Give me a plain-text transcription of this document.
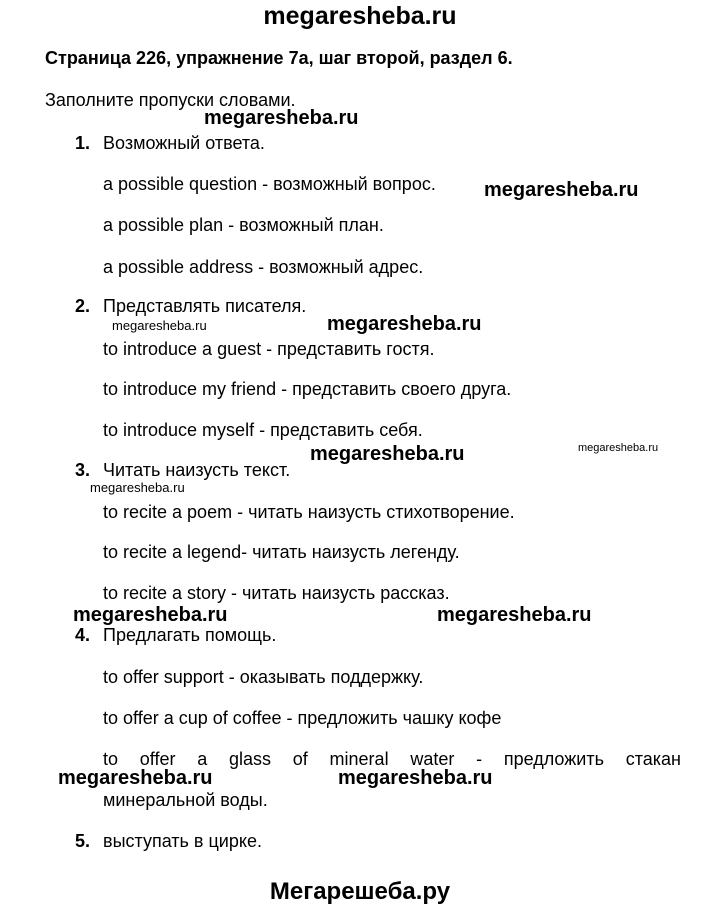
megaresheba.ru
Страница 226, упражнение 7a, шаг второй, раздел 6.
Заполните пропуски словами.
1. Возможный ответа.
a possible question - возможный вопрос.
a possible plan - возможный план.
a possible address - возможный адрес.
2. Представлять писателя.
to introduce a guest - представить гостя.
to introduce my friend - представить своего друга.
to introduce myself - представить себя.
3. Читать наизусть текст.
to recite a poem - читать наизусть стихотворение.
to recite a legend- читать наизусть легенду.
to recite a story - читать наизусть рассказ.
4. Предлагать помощь.
to offer support - оказывать поддержку.
to offer a cup of coffee - предложить чашку кофе
to offer a glass of mineral water - предложить стакан
минеральной воды.
5. выступать в цирке.
megaresheba.ru
megaresheba.ru
megaresheba.ru	megaresheba.ru
megaresheba.ru
megaresheba.ru
megaresheba.ru
megaresheba.ru	megaresheba.ru
megaresheba.ru	megaresheba.ru
Мегарешеба.ру
